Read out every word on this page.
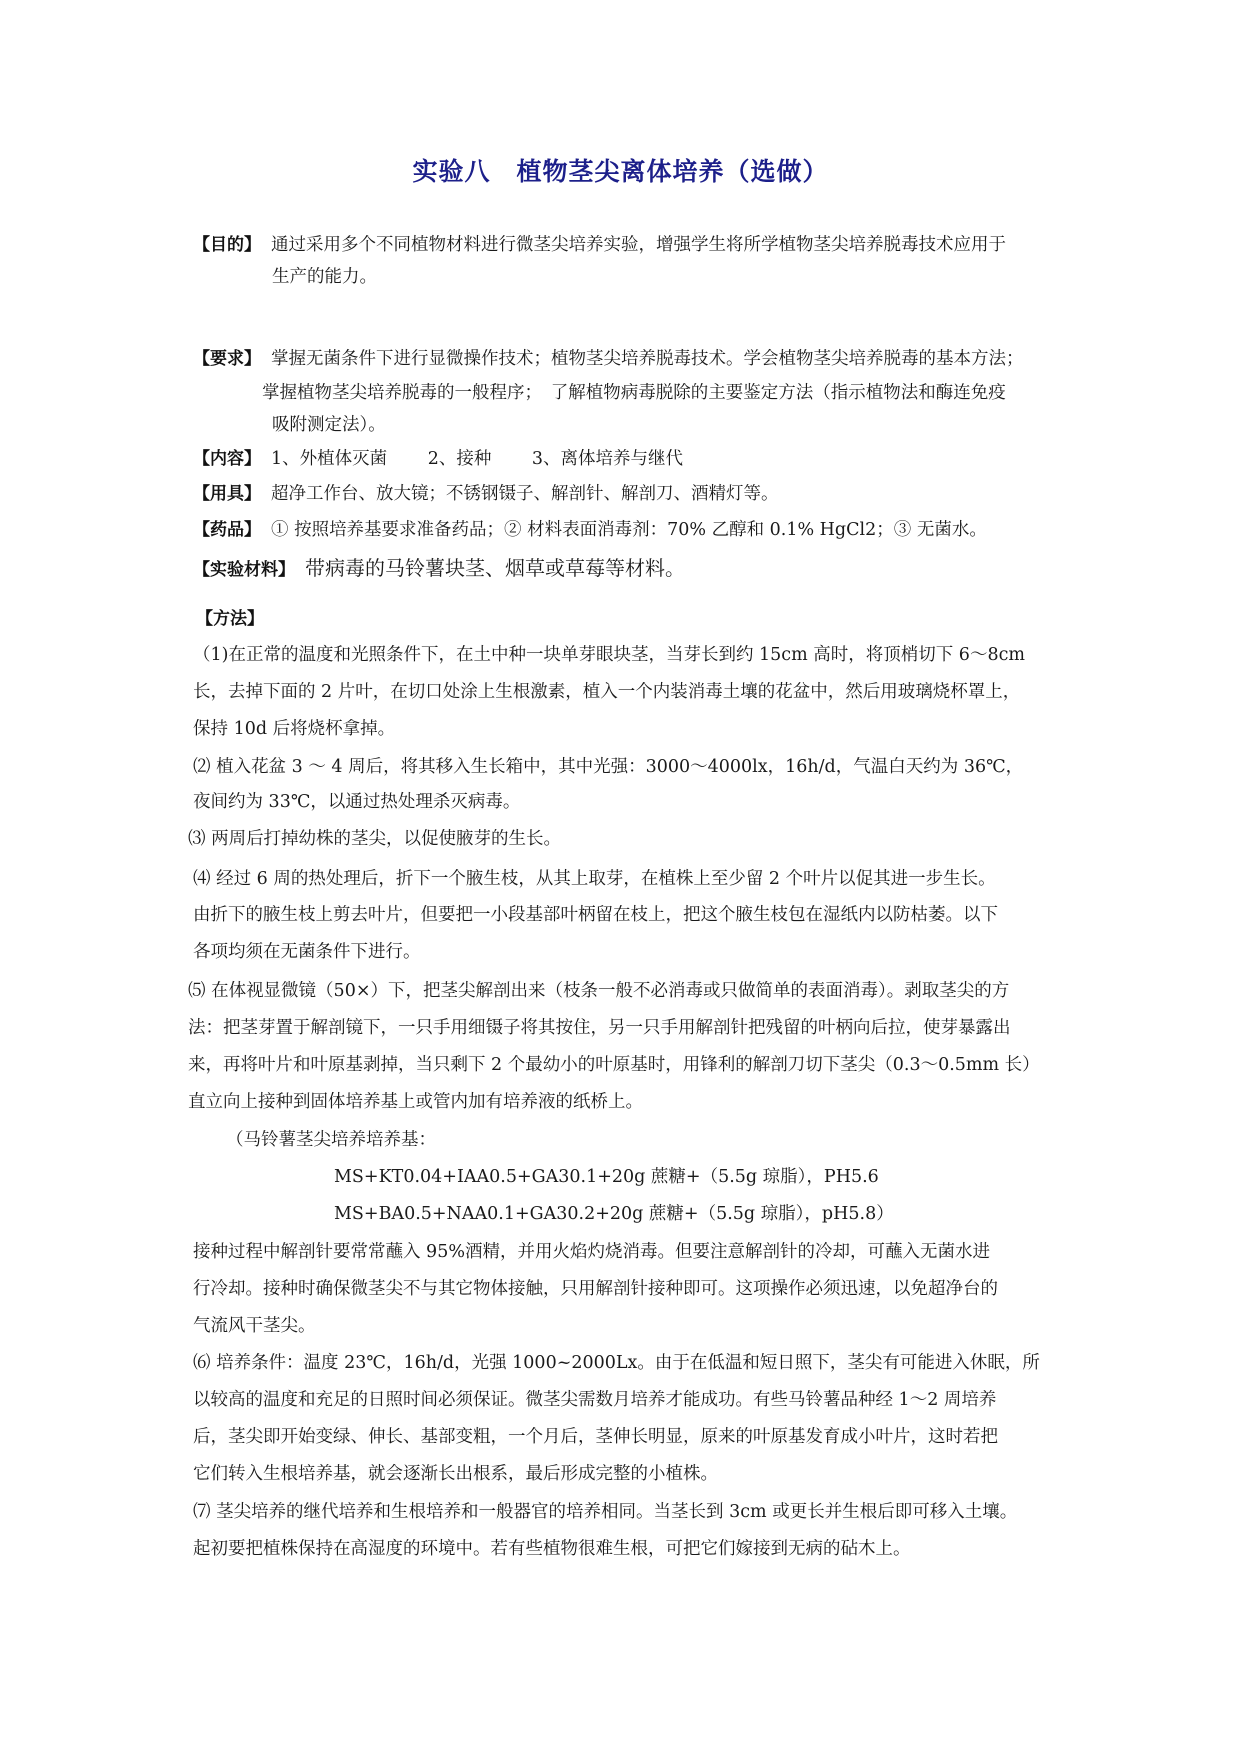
实验八　植物茎尖离体培养（选做）
【目的】 通过采用多个不同植物材料进行微茎尖培养实验，增强学生将所学植物茎尖培养脱毒技术应用于
生产的能力。
【要求】 掌握无菌条件下进行显微操作技术；植物茎尖培养脱毒技术。学会植物茎尖培养脱毒的基本方法；
掌握植物茎尖培养脱毒的一般程序；　了解植物病毒脱除的主要鉴定方法（指示植物法和酶连免疫
吸附测定法）。
【内容】 1、外植体灭菌　　 2、接种　　 3、离体培养与继代
【用具】 超净工作台、放大镜；不锈钢镊子、解剖针、解剖刀、酒精灯等。
【药品】 ① 按照培养基要求准备药品；② 材料表面消毒剂：70% 乙醇和 0.1% HgCl2；③ 无菌水。
【实验材料】 带病毒的马铃薯块茎、烟草或草莓等材料。
【方法】
（1)在正常的温度和光照条件下，在土中种一块单芽眼块茎，当芽长到约 15cm 高时，将顶梢切下 6～8cm
长，去掉下面的 2 片叶，在切口处涂上生根激素，植入一个内装消毒土壤的花盆中，然后用玻璃烧杯罩上，
保持 10d 后将烧杯拿掉。
⑵ 植入花盆 3 ～ 4 周后，将其移入生长箱中，其中光强：3000～4000lx，16h/d，气温白天约为 36℃，
夜间约为 33℃，以通过热处理杀灭病毒。
⑶ 两周后打掉幼株的茎尖，以促使腋芽的生长。
⑷ 经过 6 周的热处理后，折下一个腋生枝，从其上取芽，在植株上至少留 2 个叶片以促其进一步生长。
由折下的腋生枝上剪去叶片，但要把一小段基部叶柄留在枝上，把这个腋生枝包在湿纸内以防枯萎。以下
各项均须在无菌条件下进行。
⑸ 在体视显微镜（50×）下，把茎尖解剖出来（枝条一般不必消毒或只做简单的表面消毒）。剥取茎尖的方
法：把茎芽置于解剖镜下，一只手用细镊子将其按住，另一只手用解剖针把残留的叶柄向后拉，使芽暴露出
来，再将叶片和叶原基剥掉，当只剩下 2 个最幼小的叶原基时，用锋利的解剖刀切下茎尖（0.3～0.5mm 长）
直立向上接种到固体培养基上或管内加有培养液的纸桥上。
（马铃薯茎尖培养培养基：
MS+KT0.04+IAA0.5+GA30.1+20g 蔗糖+（5.5g 琼脂），PH5.6
MS+BA0.5+NAA0.1+GA30.2+20g 蔗糖+（5.5g 琼脂），pH5.8）
接种过程中解剖针要常常蘸入 95%酒精，并用火焰灼烧消毒。但要注意解剖针的冷却，可蘸入无菌水进
行冷却。接种时确保微茎尖不与其它物体接触，只用解剖针接种即可。这项操作必须迅速，以免超净台的
气流风干茎尖。
⑹ 培养条件：温度 23℃，16h/d，光强 1000~2000Lx。由于在低温和短日照下，茎尖有可能进入休眠，所
以较高的温度和充足的日照时间必须保证。微茎尖需数月培养才能成功。有些马铃薯品种经 1～2 周培养
后，茎尖即开始变绿、伸长、基部变粗，一个月后，茎伸长明显，原来的叶原基发育成小叶片，这时若把
它们转入生根培养基，就会逐渐长出根系，最后形成完整的小植株。
⑺ 茎尖培养的继代培养和生根培养和一般器官的培养相同。当茎长到 3cm 或更长并生根后即可移入土壤。
起初要把植株保持在高湿度的环境中。若有些植物很难生根，可把它们嫁接到无病的砧木上。
